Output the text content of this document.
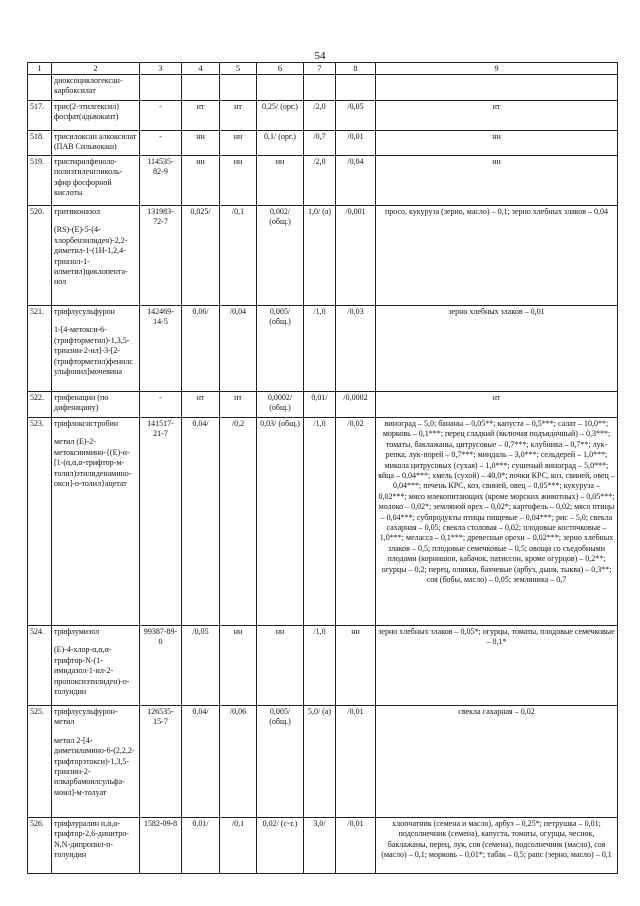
54
1	2	3	4	5	6	7	8	9
	диоксоциклогексан-карбоксилат							
517.	трис(2-этилгексил) фосфат(адьвокант)	-	нт	нт	0,25/ (орг.)	/2,0	/0,05	нт
518.	трисилоксан алкоксилат (ПАВ Сильвокаш)	-	нн	нн	0,1/ (орг.)	/0,7	/0,01	нн
519.	тристирилфеноло-полиэтиленгликоль-эфир фосфорной кислоты	114535-82-9	нн	нн	нн	/2,0	/0,04	нн
520.	тритиконазол
(RS)-(E)-5-(4-хлорбензилиден)-2,2-диметил-1-(1Н-1,2,4-триазол-1-илметил)циклопента-нол	131983-72-7	0,025/	/0,1	0,002/ (общ.)	1,0/ (а)	/0,001	просо, кукуруза (зерно, масло) – 0,1; зерно хлебных злаков – 0,04
521.	трифлусульфурон
1-[4-метокси-6-(трифторметил)-1,3,5-триазин-2-ил]-3-[2-(трифторметил)фенилс ульфонил]мочевина	142469-14-5	0,06/	/0,04	0,005/ (общ.)	/1,0	/0,03	зерно хлебных злаков – 0,01
522.	трифенацин (по дифенацину)	-	нт	нт	0,0002/ (общ.)	0,01/	/0,0002	нт
523.	трифлоксистробин
метил (Е)-2-метоксиимино-{(Е)-α-[1-(α,α,α-трифтор-м-толил)этилиденамино-окси]-о-толил}ацетат	141517-21-7	0,04/	/0,2	0,03/ (общ.)	/1,0	/0,02	виноград – 5,0; бананы – 0,05**; капуста – 0,5***; салат – 10,0**; морковь – 0,1***; перец сладкий (включая подъядочный) – 0,3***; томаты, баклажаны, цитрусовые – 0,7***; клубника – 0,7**; лук-репка, лук-порей – 0,7***; миндаль – 3,0***; сельдерей – 1,0***; микола цитрусовых (сухая) – 1,0***; сушеный виноград – 5,0***; яйца – 0,04***; хмель (сухой) – 40,0*; почки КРС, коз, свиней, овец – 0,04***; печень КРС, коз, свиней, овец – 0,05***; кукуруза – 0,02***; мясо млекопитающих (кроме морских животных) – 0,05***; молоко – 0,02*; земляной орех – 0,02*; картофель – 0,02; мясо птицы – 0,04***; субпродукты птицы пищевые – 0,04***; рис – 5,0; свекла сахарная – 0,05; свекла столовая – 0,02; плодовые косточковые – 1,0***; меласса – 0,1***; древесные орехи – 0,02***; зерно хлебных злаков – 0,5; плодовые семечковые – 0,5; овощи со съедобными плодами (корнишон, кабачок, патиссон, кроме огурцов) – 0,2**; огурцы – 0,2; перец, оливки, бахчевые (арбуз, дыня, тыква) – 0,3**; соя (бобы, масло) – 0,05; земляника – 0,7
524.	трифлумизол
(Е)-4-хлор-α,α,α-трифтор-N-(1-имидазол-1-ил-2-пропоксиэтилиден)-о-толуидин	99387-89-0	/0,05	нн	нн	/1,0	нн	зерно хлебных злаков – 0,05*; огурцы, томаты, плодовые семечковые – 0,1*
525.	трифлусульфурон-метил
метил 2-[4-диметиламино-6-(2,2,2-трифторэтокси)-1,3,5-триазин-2-илкарбамоилсульфа-моил]-м-толуат	126535-15-7	0,04/	/0,06	0,005/ (общ.)	5,0/ (а)	/0,01	свекла сахарная – 0,02
526.	трифлуралин α,α,α-трифтор-2,6-динитро-N,N-дипропил-п-толуидин	1582-09-8	0,01/	/0,1	0,02/ (с-т.)	3,0/	/0,01	хлопчатник (семена и масло), арбуз – 0,25*; петрушка – 0,01; подсолнечник (семена), капуста, томаты, огурцы, чеснок, баклажаны, перец, лук, соя (семена), подсолнечник (масло), соя (масло) – 0,1; морковь – 0,01*; табак – 0,5; рапс (зерно, масло) – 0,1
